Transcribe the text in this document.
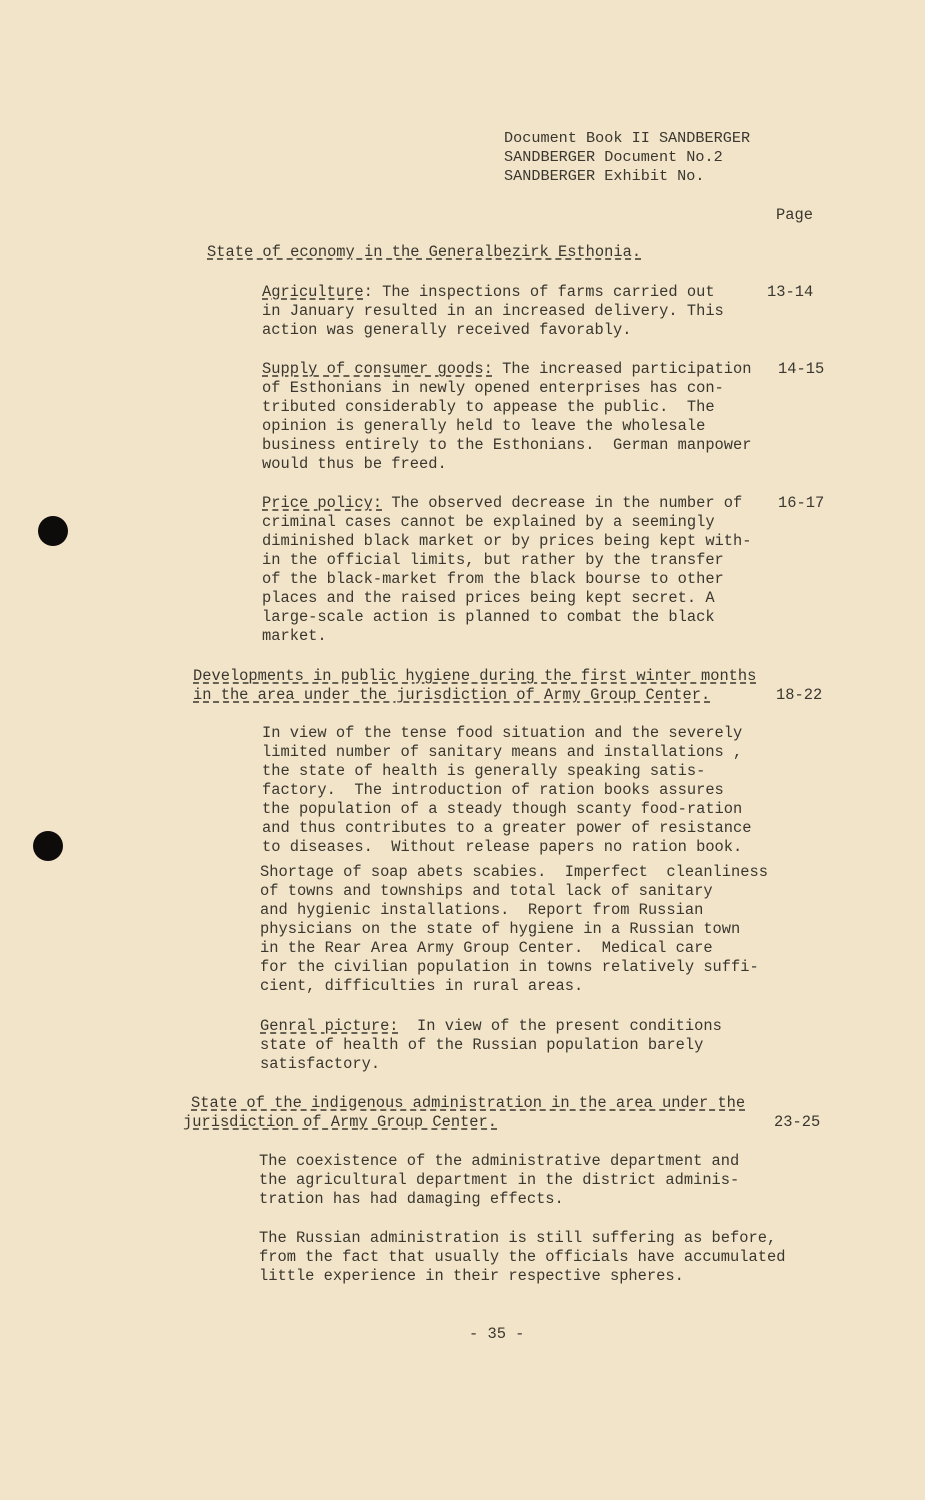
Document Book II SANDBERGER
SANDBERGER Document No.2
SANDBERGER Exhibit No.
Page
State of economy in the Generalbezirk Esthonia.
Agriculture: The inspections of farms carried out
in January resulted in an increased delivery. This
action was generally received favorably.
13-14
Supply of consumer goods: The increased participation
of Esthonians in newly opened enterprises has con-
tributed considerably to appease the public.  The
opinion is generally held to leave the wholesale
business entirely to the Esthonians.  German manpower
would thus be freed.
14-15
Price policy: The observed decrease in the number of
criminal cases cannot be explained by a seemingly
diminished black market or by prices being kept with-
in the official limits, but rather by the transfer
of the black-market from the black bourse to other
places and the raised prices being kept secret. A
large-scale action is planned to combat the black
market.
16-17
Developments in public hygiene during the first winter months
in the area under the jurisdiction of Army Group Center.	18-22
In view of the tense food situation and the severely
limited number of sanitary means and installations ,
the state of health is generally speaking satis-
factory.  The introduction of ration books assures
the population of a steady though scanty food-ration
and thus contributes to a greater power of resistance
to diseases.  Without release papers no ration book.
Shortage of soap abets scabies.  Imperfect  cleanliness
of towns and townships and total lack of sanitary
and hygienic installations.  Report from Russian
physicians on the state of hygiene in a Russian town
in the Rear Area Army Group Center.  Medical care
for the civilian population in towns relatively suffi-
cient, difficulties in rural areas.
Genral picture:  In view of the present conditions
state of health of the Russian population barely
satisfactory.
State of the indigenous administration in the area under the
jurisdiction of Army Group Center.	23-25
The coexistence of the administrative department and
the agricultural department in the district adminis-
tration has had damaging effects.
The Russian administration is still suffering as before,
from the fact that usually the officials have accumulated
little experience in their respective spheres.
- 35 -
